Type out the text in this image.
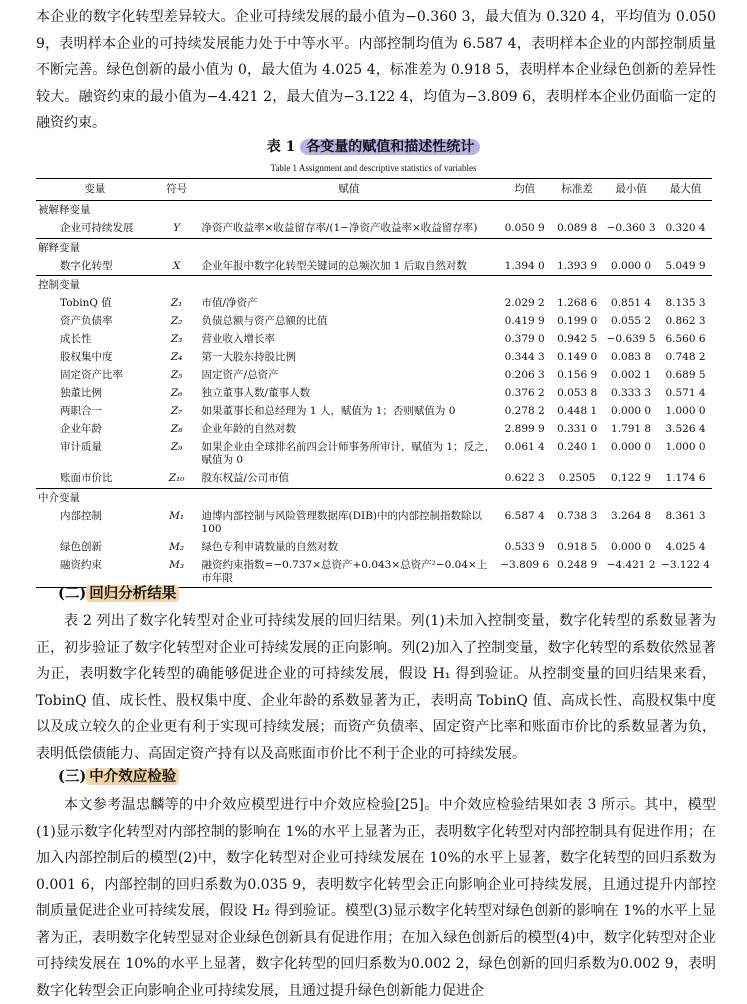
本企业的数字化转型差异较大。企业可持续发展的最小值为−0.360 3，最大值为 0.320 4，平均值为 0.050 9，表明样本企业的可持续发展能力处于中等水平。内部控制均值为 6.587 4，表明样本企业的内部控制质量不断完善。绿色创新的最小值为 0，最大值为 4.025 4，标准差为 0.918 5，表明样本企业绿色创新的差异性较大。融资约束的最小值为−4.421 2，最大值为−3.122 4，均值为−3.809 6，表明样本企业仍面临一定的融资约束。
表 1 各变量的赋值和描述性统计
Table 1 Assignment and descriptive statistics of variables
变量	符号	赋值	均值	标准差	最小值	最大值
被解释变量						
企业可持续发展	Y	净资产收益率×收益留存率/(1−净资产收益率×收益留存率)	0.050 9	0.089 8	−0.360 3	0.320 4
解释变量						
数字化转型	X	企业年报中数字化转型关键词的总频次加 1 后取自然对数	1.394 0	1.393 9	0.000 0	5.049 9
控制变量						
TobinQ 值	Z₁	市值/净资产	2.029 2	1.268 6	0.851 4	8.135 3
资产负债率	Z₂	负债总额与资产总额的比值	0.419 9	0.199 0	0.055 2	0.862 3
成长性	Z₃	营业收入增长率	0.379 0	0.942 5	−0.639 5	6.560 6
股权集中度	Z₄	第一大股东持股比例	0.344 3	0.149 0	0.083 8	0.748 2
固定资产比率	Z₅	固定资产/总资产	0.206 3	0.156 9	0.002 1	0.689 5
独董比例	Z₆	独立董事人数/董事人数	0.376 2	0.053 8	0.333 3	0.571 4
两职合一	Z₇	如果董事长和总经理为 1 人，赋值为 1；否则赋值为 0	0.278 2	0.448 1	0.000 0	1.000 0
企业年龄	Z₈	企业年龄的自然对数	2.899 9	0.331 0	1.791 8	3.526 4
审计质量	Z₉	如果企业由全球排名前四会计师事务所审计，赋值为 1；反之，赋值为 0	0.061 4	0.240 1	0.000 0	1.000 0
账面市价比	Z₁₀	股东权益/公司市值	0.622 3	0.2505	0.122 9	1.174 6
中介变量						
内部控制	M₁	迪博内部控制与风险管理数据库(DIB)中的内部控制指数除以 100	6.587 4	0.738 3	3.264 8	8.361 3
绿色创新	M₂	绿色专利申请数量的自然对数	0.533 9	0.918 5	0.000 0	4.025 4
融资约束	M₃	融资约束指数=−0.737×总资产+0.043×总资产²−0.04×上市年限	−3.809 6	0.248 9	−4.421 2	−3.122 4
(二) 回归分析结果
表 2 列出了数字化转型对企业可持续发展的回归结果。列(1)未加入控制变量，数字化转型的系数显著为正，初步验证了数字化转型对企业可持续发展的正向影响。列(2)加入了控制变量，数字化转型的系数依然显著为正，表明数字化转型的确能够促进企业的可持续发展，假设 H₁ 得到验证。从控制变量的回归结果来看，TobinQ 值、成长性、股权集中度、企业年龄的系数显著为正，表明高 TobinQ 值、高成长性、高股权集中度以及成立较久的企业更有利于实现可持续发展；而资产负债率、固定资产比率和账面市价比的系数显著为负，表明低偿债能力、高固定资产持有以及高账面市价比不利于企业的可持续发展。
(三) 中介效应检验
本文参考温忠麟等的中介效应模型进行中介效应检验[25]。中介效应检验结果如表 3 所示。其中，模型(1)显示数字化转型对内部控制的影响在 1%的水平上显著为正，表明数字化转型对内部控制具有促进作用；在加入内部控制后的模型(2)中，数字化转型对企业可持续发展在 10%的水平上显著，数字化转型的回归系数为0.001 6，内部控制的回归系数为0.035 9，表明数字化转型会正向影响企业可持续发展，且通过提升内部控制质量促进企业可持续发展，假设 H₂ 得到验证。模型(3)显示数字化转型对绿色创新的影响在 1%的水平上显著为正，表明数字化转型显对企业绿色创新具有促进作用；在加入绿色创新后的模型(4)中，数字化转型对企业可持续发展在 10%的水平上显著，数字化转型的回归系数为0.002 2，绿色创新的回归系数为0.002 9，表明数字化转型会正向影响企业可持续发展，且通过提升绿色创新能力促进企
